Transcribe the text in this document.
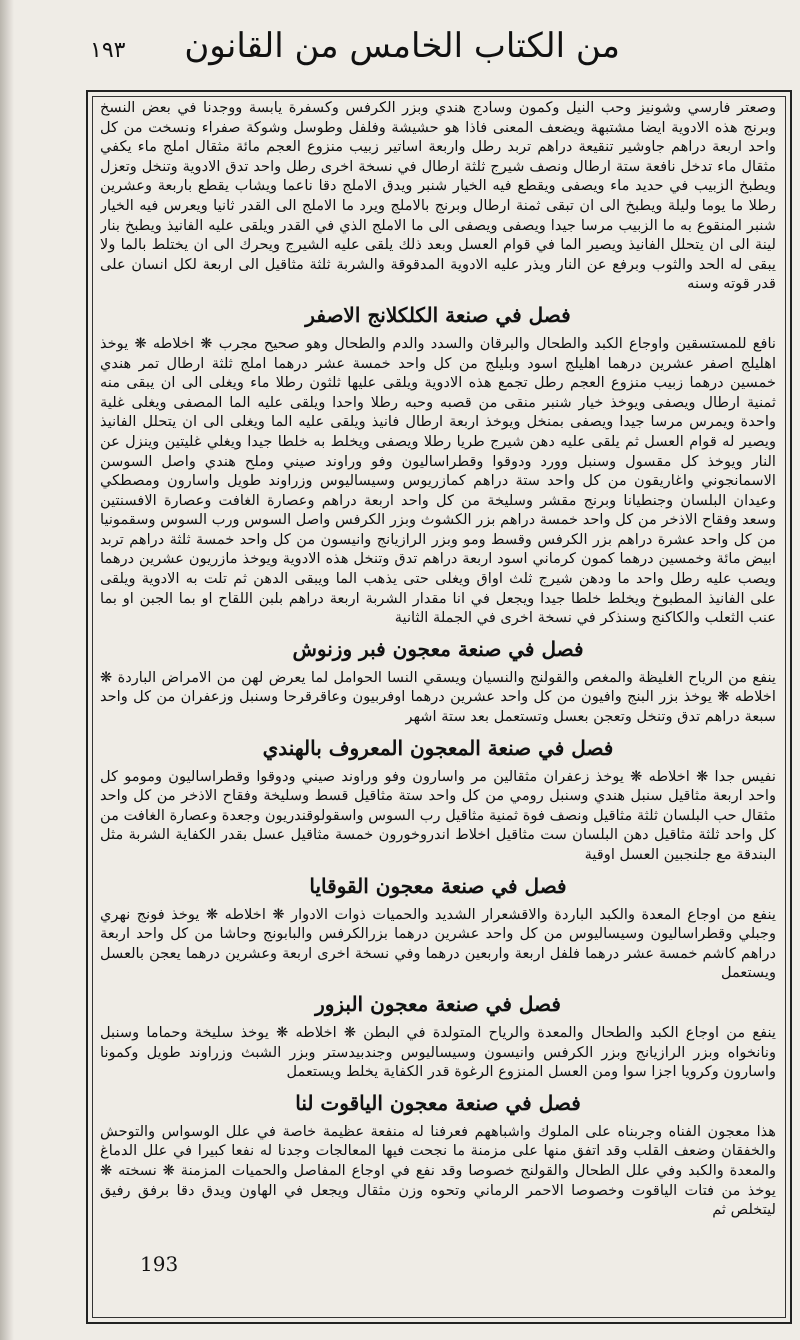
١٩٣ من الكتاب الخامس من القانون

وصعتر فارسي وشونيز وحب النيل وكمون وسادج هندي وبزر الكرفس وكسفرة يابسة ووجدنا في بعض النسخ وبرنج هذه الادوية ايضا مشتبهة ويضعف المعنى فاذا هو حشيشة وفلفل وطوسل وشوكة صفراء ونسخت من كل واحد اربعة دراهم جاوشير تنقيعة دراهم تربد رطل واربعة اساتير زبيب منزوع العجم مائة مثقال املج ماء يكفي مثقال ماء تدخل نافعة ستة ارطال ونصف شيرج ثلثة ارطال في نسخة اخرى رطل واحد تدق الادوية وتنخل وتعزل ويطبخ الزبيب في حديد ماء ويصفى ويقطع فيه الخيار شنبر ويدق الاملج دقا ناعما ويشاب يقطع باربعة وعشرين رطلا ما يوما وليلة ويطبخ الى ان تبقى ثمنة ارطال وبرنج بالاملج ويرد ما الاملج الى القدر ثانيا ويعرس فيه الخيار شنبر المنقوع به ما الزبيب مرسا جيدا ويصفى ويصفى الى ما الاملج الذي في القدر ويلقى عليه الفانيذ ويطبخ بنار لينة الى ان يتحلل الفانيذ ويصير الما في قوام العسل وبعد ذلك يلقى عليه الشيرج ويحرك الى ان يختلط بالما ولا يبقى له الحد والثوب وبرفع عن النار ويذر عليه الادوية المدقوقة والشربة ثلثة مثاقيل الى اربعة لكل انسان على قدر قوته وسنه

فصل في صنعة الكلكلانج الاصفر

نافع للمستسقين واوجاع الكبد والطحال والبرقان والسدد والدم والطحال وهو صحيح مجرب ❋ اخلاطه ❋ يوخذ اهليلج اصفر عشرين درهما اهليلج اسود وبليلج من كل واحد خمسة عشر درهما املج ثلثة ارطال تمر هندي خمسين درهما زبيب منزوع العجم رطل تجمع هذه الادوية ويلقى عليها ثلثون رطلا ماء ويغلى الى ان يبقى منه ثمنية ارطال ويصفى ويوخذ خيار شنبر منقى من قصبه وحبه رطلا واحدا ويلقى عليه الما المصفى ويغلى غلية واحدة ويمرس مرسا جيدا ويصفى بمنخل ويوخذ اربعة ارطال فانيذ ويلقى عليه الما ويغلى الى ان يتحلل الفانيذ ويصير له قوام العسل ثم يلقى عليه دهن شيرج طريا رطلا ويصفى ويخلط به خلطا جيدا ويغلي غليتين وينزل عن النار ويوخذ كل مقسول وسنبل وورد ودوقوا وقطراساليون وفو وراوند صيني وملح هندي واصل السوسن الاسمانجوني واغاريقون من كل واحد ستة دراهم كمازريوس وسيساليوس وزراوند طويل واسارون ومصطكي وعيدان البلسان وجنطيانا وبرنج مقشر وسليخة من كل واحد اربعة دراهم وعصارة الغافت وعصارة الافسنتين وسعد وفقاح الاذخر من كل واحد خمسة دراهم بزر الكشوث وبزر الكرفس واصل السوس ورب السوس وسقمونيا من كل واحد عشرة دراهم بزر الكرفس وقسط ومو وبزر الرازيانج وانيسون من كل واحد خمسة ثلثة دراهم تربد ابيض مائة وخمسين درهما كمون كرماني اسود اربعة دراهم تدق وتنخل هذه الادوية ويوخذ مازريون عشرين درهما ويصب عليه رطل واحد ما ودهن شيرج ثلث اواق ويغلى حتى يذهب الما ويبقى الدهن ثم تلت به الادوية ويلقى على الفانيذ المطبوخ ويخلط خلطا جيدا ويجعل في انا مقدار الشربة اربعة دراهم بلبن اللقاح او بما الجبن او بما عنب الثعلب والكاكنج وسنذكر في نسخة اخرى في الجملة الثانية

فصل في صنعة معجون فبر وزنوش

ينفع من الرياح الغليظة والمغص والقولنج والنسيان ويسقي النسا الحوامل لما يعرض لهن من الامراض الباردة ❋ اخلاطه ❋ يوخذ بزر البنج وافيون من كل واحد عشرين درهما اوفربيون وعاقرقرحا وسنبل وزعفران من كل واحد سبعة دراهم تدق وتنخل وتعجن بعسل وتستعمل بعد ستة اشهر

فصل في صنعة المعجون المعروف بالهندي

نفيس جدا ❋ اخلاطه ❋ يوخذ زعفران مثقالين مر واسارون وفو وراوند صيني ودوقوا وقطراساليون ومومو كل واحد اربعة مثاقيل سنبل هندي وسنبل رومي من كل واحد ستة مثاقيل قسط وسليخة وفقاح الاذخر من كل واحد مثقال حب البلسان ثلثة مثاقيل ونصف فوة ثمنية مثاقيل رب السوس واسقولوقندريون وجعدة وعصارة الغافت من كل واحد ثلثة مثاقيل دهن البلسان ست مثاقيل اخلاط اندروخورون خمسة مثاقيل عسل بقدر الكفاية الشربة مثل البندقة مع جلنجبين العسل اوقية

فصل في صنعة معجون القوقايا

ينفع من اوجاع المعدة والكبد الباردة والاقشعرار الشديد والحميات ذوات الادوار ❋ اخلاطه ❋ يوخذ فونج نهري وجبلي وقطراساليون وسيساليوس من كل واحد عشرين درهما بزرالكرفس والبابونج وحاشا من كل واحد اربعة دراهم كاشم خمسة عشر درهما فلفل اربعة واربعين درهما وفي نسخة اخرى اربعة وعشرين درهما يعجن بالعسل ويستعمل

فصل في صنعة معجون البزور

ينفع من اوجاع الكبد والطحال والمعدة والرياح المتولدة في البطن ❋ اخلاطه ❋ يوخذ سليخة وحماما وسنبل ونانخواه وبزر الرازيانج وبزر الكرفس وانيسون وسيساليوس وجندبيدستر وبزر الشبث وزراوند طويل وكمونا واسارون وكرويا اجزا سوا ومن العسل المنزوع الرغوة قدر الكفاية يخلط ويستعمل

فصل في صنعة معجون الياقوت لنا

هذا معجون الفناه وجربناه على الملوك واشباههم فعرفنا له منفعة عظيمة خاصة في علل الوسواس والتوحش والخفقان وضعف القلب وقد اتفق منها على مزمنة ما نجحت فيها المعالجات وجدنا له نفعا كبيرا في علل الدماغ والمعدة والكبد وفي علل الطحال والقولنج خصوصا وقد نفع في اوجاع المفاصل والحميات المزمنة ❋ نسخته ❋ يوخذ من فتات الياقوت وخصوصا الاحمر الرماني وتحوه وزن مثقال ويجعل في الهاون ويدق دقا برفق رفيق ليتخلص ثم

193
